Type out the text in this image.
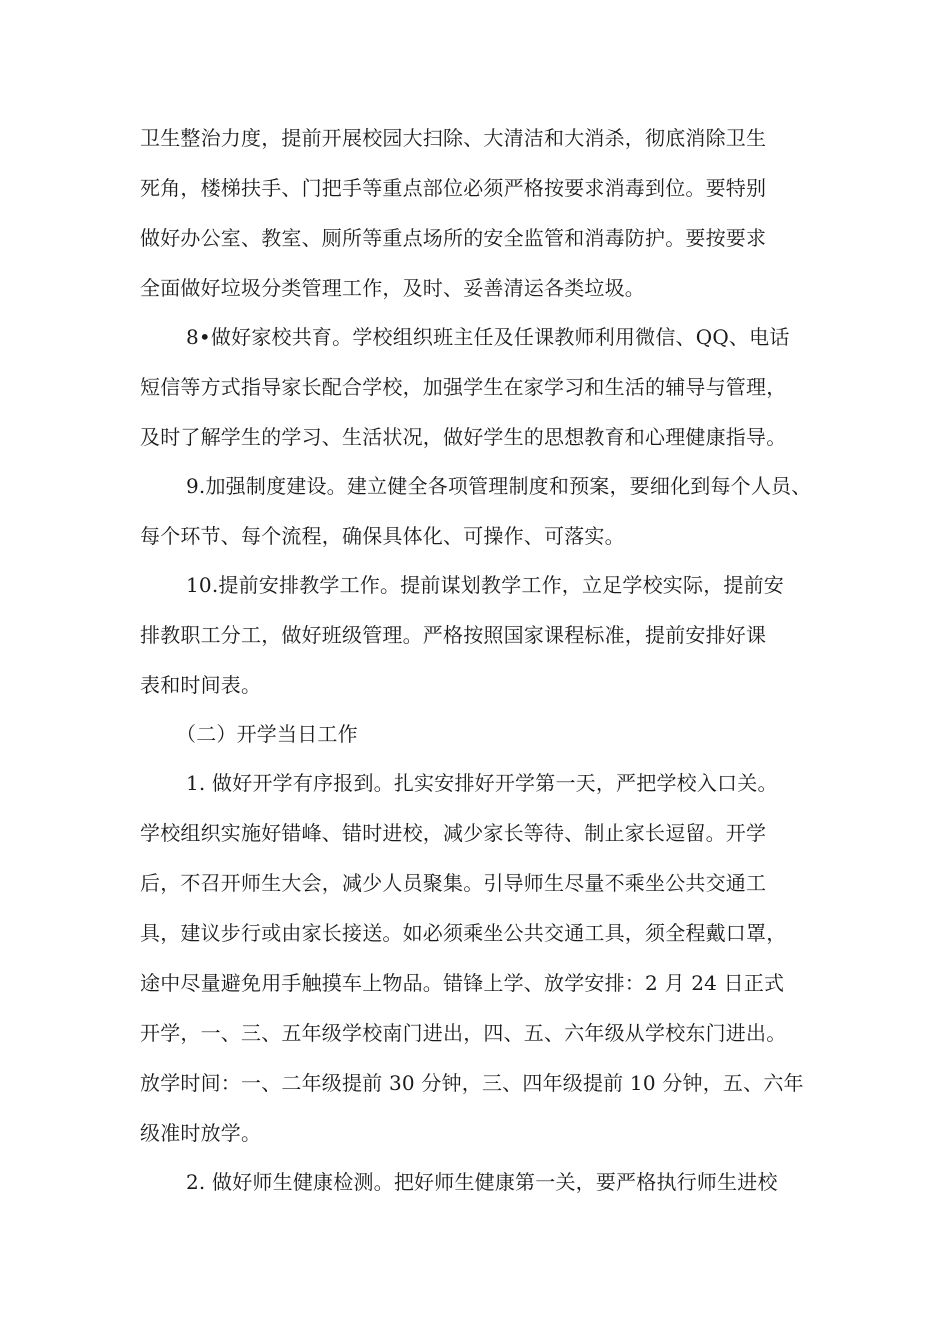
卫生整治力度，提前开展校园大扫除、大清洁和大消杀，彻底消除卫生
死角，楼梯扶手、门把手等重点部位必须严格按要求消毒到位。要特别
做好办公室、教室、厕所等重点场所的安全监管和消毒防护。要按要求
全面做好垃圾分类管理工作，及时、妥善清运各类垃圾。
8•做好家校共育。学校组织班主任及任课教师利用微信、QQ、电话
短信等方式指导家长配合学校，加强学生在家学习和生活的辅导与管理，
及时了解学生的学习、生活状况，做好学生的思想教育和心理健康指导。
9.加强制度建设。建立健全各项管理制度和预案，要细化到每个人员、
每个环节、每个流程，确保具体化、可操作、可落实。
10.提前安排教学工作。提前谋划教学工作，立足学校实际，提前安
排教职工分工，做好班级管理。严格按照国家课程标准，提前安排好课
表和时间表。
（二）开学当日工作
1. 做好开学有序报到。扎实安排好开学第一天，严把学校入口关。
学校组织实施好错峰、错时进校，减少家长等待、制止家长逗留。开学
后，不召开师生大会，减少人员聚集。引导师生尽量不乘坐公共交通工
具，建议步行或由家长接送。如必须乘坐公共交通工具，须全程戴口罩，
途中尽量避免用手触摸车上物品。错锋上学、放学安排：2 月 24 日正式
开学，一、三、五年级学校南门进出，四、五、六年级从学校东门进出。
放学时间：一、二年级提前 30 分钟，三、四年级提前 10 分钟，五、六年
级准时放学。
2. 做好师生健康检测。把好师生健康第一关，要严格执行师生进校
